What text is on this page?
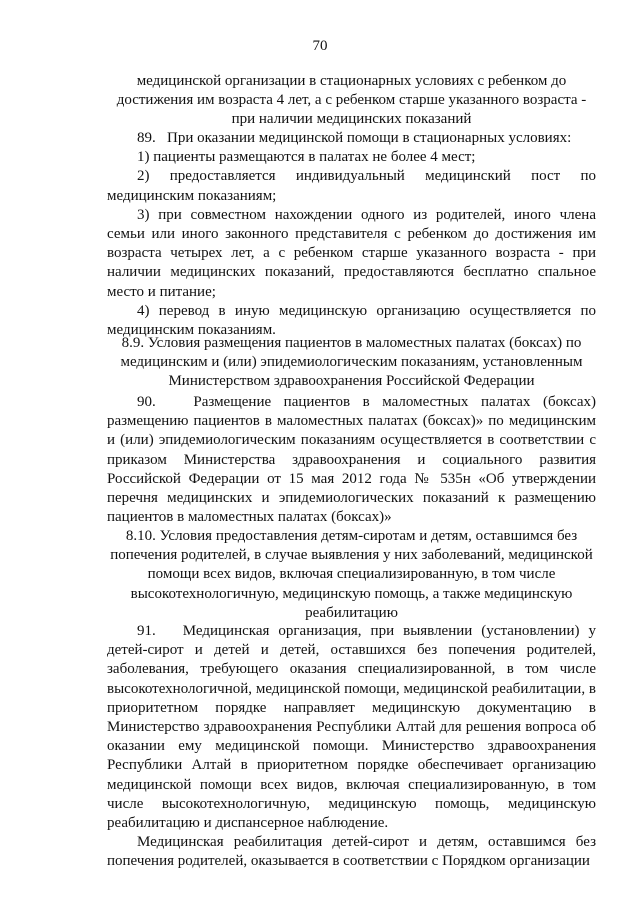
70

медицинской организации в стационарных условиях с ребенком до достижения им возраста 4 лет, а с ребенком старше указанного возраста - при наличии медицинских показаний

89.   При оказании медицинской помощи в стационарных условиях:

1) пациенты размещаются в палатах не более 4 мест;

2) предоставляется индивидуальный медицинский пост по медицинским показаниям;

3) при совместном нахождении одного из родителей, иного члена семьи или иного законного представителя с ребенком до достижения им возраста четырех лет, а с ребенком старше указанного возраста - при наличии медицинских показаний, предоставляются бесплатно спальное место и питание;

4) перевод в иную медицинскую организацию осуществляется по медицинским показаниям.

8.9. Условия размещения пациентов в маломестных палатах (боксах) по медицинским и (или) эпидемиологическим показаниям, установленным Министерством здравоохранения Российской Федерации

90.   Размещение пациентов в маломестных палатах (боксах) размещению пациентов в маломестных палатах (боксах)» по медицинским и (или) эпидемиологическим показаниям осуществляется в соответствии с приказом Министерства здравоохранения и социального развития Российской Федерации от 15 мая 2012 года № 535н «Об утверждении перечня медицинских и эпидемиологических показаний к размещению пациентов в маломестных палатах (боксах)»

8.10. Условия предоставления детям-сиротам и детям, оставшимся без попечения родителей, в случае выявления у них заболеваний, медицинской помощи всех видов, включая специализированную, в том числе высокотехнологичную, медицинскую помощь, а также медицинскую реабилитацию

91.   Медицинская организация, при выявлении (установлении) у детей-сирот и детей и детей, оставшихся без попечения родителей, заболевания, требующего оказания специализированной, в том числе высокотехнологичной, медицинской помощи, медицинской реабилитации, в приоритетном порядке направляет медицинскую документацию в Министерство здравоохранения Республики Алтай для решения вопроса об оказании ему медицинской помощи. Министерство здравоохранения Республики Алтай в приоритетном порядке обеспечивает организацию медицинской помощи всех видов, включая специализированную, в том числе высокотехнологичную, медицинскую помощь, медицинскую реабилитацию и диспансерное наблюдение.

Медицинская реабилитация детей-сирот и детям, оставшимся без попечения родителей, оказывается в соответствии с Порядком организации
